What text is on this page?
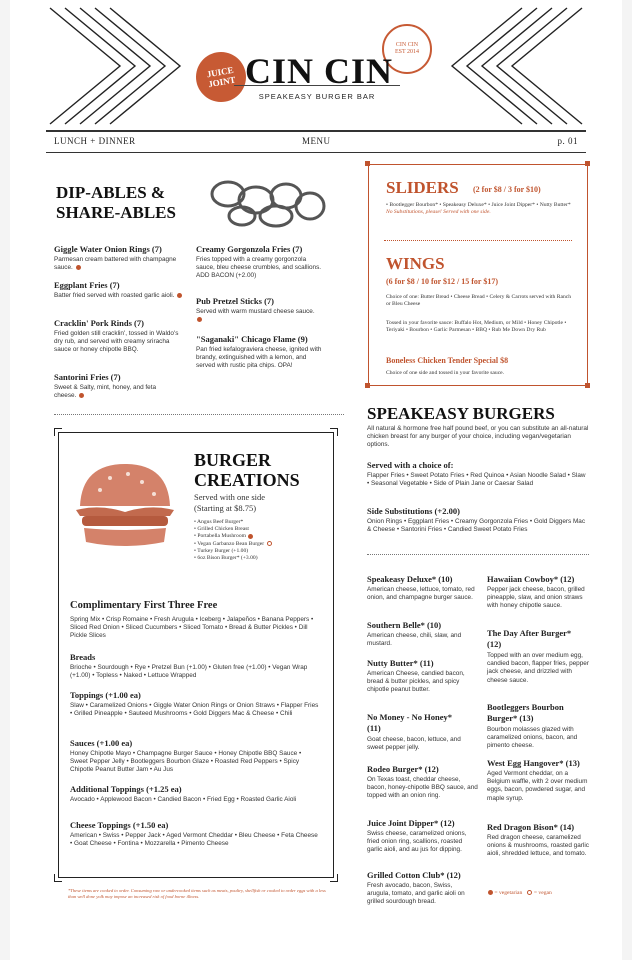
JUICE JOINT
CIN CIN EST 2014
CIN CIN
SPEAKEASY BURGER BAR
LUNCH + DINNER	MENU	p. 01
DIP-ABLES &
SHARE-ABLES
Giggle Water Onion Rings (7)
Parmesan cream battered with champagne sauce.
Eggplant Fries (7)
Batter fried served with roasted garlic aioli.
Cracklin' Pork Rinds (7)
Fried golden still cracklin', tossed in Waldo's dry rub, and served with creamy sriracha sauce or honey chipotle BBQ.
Santorini Fries (7)
Sweet & Salty, mint, honey, and feta cheese.
Creamy Gorgonzola Fries (7)
Fries topped with a creamy gorgonzola sauce, bleu cheese crumbles, and scallions. ADD BACON (+2.00)
Pub Pretzel Sticks (7)
Served with warm mustard cheese sauce.
"Saganaki" Chicago Flame (9)
Pan fried kefalograviera cheese, ignited with brandy, extinguished with a lemon, and served with rustic pita chips. OPA!
SLIDERS (2 for $8 / 3 for $10)
• Bootlegger Bourbon* • Speakeasy Deluxe* • Juice Joint Dipper* • Nutty Butter* No Substitutions, please! Served with one side.
WINGS
(6 for $8 / 10 for $12 / 15 for $17)
Choice of one: Butter Bread • Cheese Bread • Celery & Carrots served with Ranch or Bleu Cheese
Tossed in your favorite sauce: Buffalo Hot, Medium, or Mild • Honey Chipotle • Teriyaki • Bourbon • Garlic Parmesan • BBQ • Rub Me Down Dry Rub
Boneless Chicken Tender Special $8
Choice of one side and tossed in your favorite sauce.
SPEAKEASY BURGERS
All natural & hormone free half pound beef, or you can substitute an all-natural chicken breast for any burger of your choice, including vegan/vegetarian options.
Served with a choice of:
Flapper Fries • Sweet Potato Fries • Red Quinoa • Asian Noodle Salad • Slaw • Seasonal Vegetable • Side of Plain Jane or Caesar Salad
Side Substitutions (+2.00)
Onion Rings • Eggplant Fries • Creamy Gorgonzola Fries • Gold Diggers Mac & Cheese • Santorini Fries • Candied Sweet Potato Fries
Speakeasy Deluxe* (10)
American cheese, lettuce, tomato, red onion, and champagne burger sauce.
Southern Belle* (10)
American cheese, chili, slaw, and mustard.
Nutty Butter* (11)
American Cheese, candied bacon, bread & butter pickles, and spicy chipotle peanut butter.
No Money - No Honey* (11)
Goat cheese, bacon, lettuce, and sweet pepper jelly.
Rodeo Burger* (12)
On Texas toast, cheddar cheese, bacon, honey-chipotle BBQ sauce, and topped with an onion ring.
Juice Joint Dipper* (12)
Swiss cheese, caramelized onions, fried onion ring, scallions, roasted garlic aioli, and au jus for dipping.
Grilled Cotton Club* (12)
Fresh avocado, bacon, Swiss, arugula, tomato, and garlic aioli on grilled sourdough bread.
Hawaiian Cowboy* (12)
Pepper jack cheese, bacon, grilled pineapple, slaw, and onion straws with honey chipotle sauce.
The Day After Burger* (12)
Topped with an over medium egg, candied bacon, flapper fries, pepper jack cheese, and drizzled with cheese sauce.
Bootleggers Bourbon Burger* (13)
Bourbon molasses glazed with caramelized onions, bacon, and pimento cheese.
West Egg Hangover* (13)
Aged Vermont cheddar, on a Belgium waffle, with 2 over medium eggs, bacon, powdered sugar, and maple syrup.
Red Dragon Bison* (14)
Red dragon cheese, caramelized onions & mushrooms, roasted garlic aioli, shredded lettuce, and tomato.
= vegetarian = vegan
BURGER
CREATIONS
Served with one side
(Starting at $8.75)
• Angus Beef Burger*
• Grilled Chicken Breast
• Portabella Mushroom
• Vegan Garbanzo Bean Burger
• Turkey Burger (+1.00)
• 6oz Bison Burger* (+3.00)
Complimentary First Three Free
Spring Mix • Crisp Romaine • Fresh Arugula • Iceberg • Jalapeños • Banana Peppers • Sliced Red Onion • Sliced Cucumbers • Sliced Tomato • Bread & Butter Pickles • Dill Pickle Slices
Breads
Brioche • Sourdough • Rye • Pretzel Bun (+1.00) • Gluten free (+1.00) • Vegan Wrap (+1.00) • Topless • Naked • Lettuce Wrapped
Toppings (+1.00 ea)
Slaw • Caramelized Onions • Giggle Water Onion Rings or Onion Straws • Flapper Fries • Grilled Pineapple • Sauteed Mushrooms • Gold Diggers Mac & Cheese • Chili
Sauces (+1.00 ea)
Honey Chipotle Mayo • Champagne Burger Sauce • Honey Chipotle BBQ Sauce • Sweet Pepper Jelly • Bootleggers Bourbon Glaze • Roasted Red Peppers • Spicy Chipotle Peanut Butter Jam • Au Jus
Additional Toppings (+1.25 ea)
Avocado • Applewood Bacon • Candied Bacon • Fried Egg • Roasted Garlic Aioli
Cheese Toppings (+1.50 ea)
American • Swiss • Pepper Jack • Aged Vermont Cheddar • Bleu Cheese • Feta Cheese • Goat Cheese • Fontina • Mozzarella • Pimento Cheese
*These items are cooked to order. Consuming raw or undercooked items such as meats, poultry, shellfish or cooked to order eggs with a less than well done yolk may impose an increased risk of food borne illness.
